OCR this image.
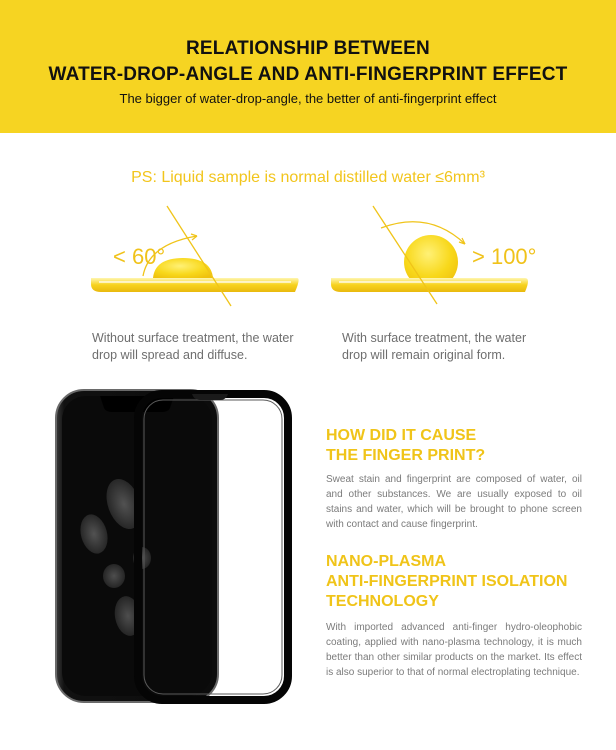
RELATIONSHIP BETWEEN
WATER-DROP-ANGLE AND ANTI-FINGERPRINT EFFECT
The bigger of water-drop-angle, the better of anti-fingerprint effect
PS: Liquid sample is normal distilled water ≤6mm³
< 60°	> 100°
Without surface treatment, the water
drop will spread and diffuse.
With surface treatment, the water
drop will remain original form.
HOW DID IT CAUSE
THE FINGER PRINT?
Sweat stain and fingerprint are composed of water, oil and other substances. We are usually exposed to oil stains and water, which will be brought to phone screen with contact and cause fingerprint.
NANO-PLASMA
ANTI-FINGERPRINT ISOLATION
TECHNOLOGY
With imported advanced anti-finger hydro-oleophobic coating, applied with nano-plasma technology, it is much better than other similar products on the market. Its effect is also superior to that of normal electroplating technique.
